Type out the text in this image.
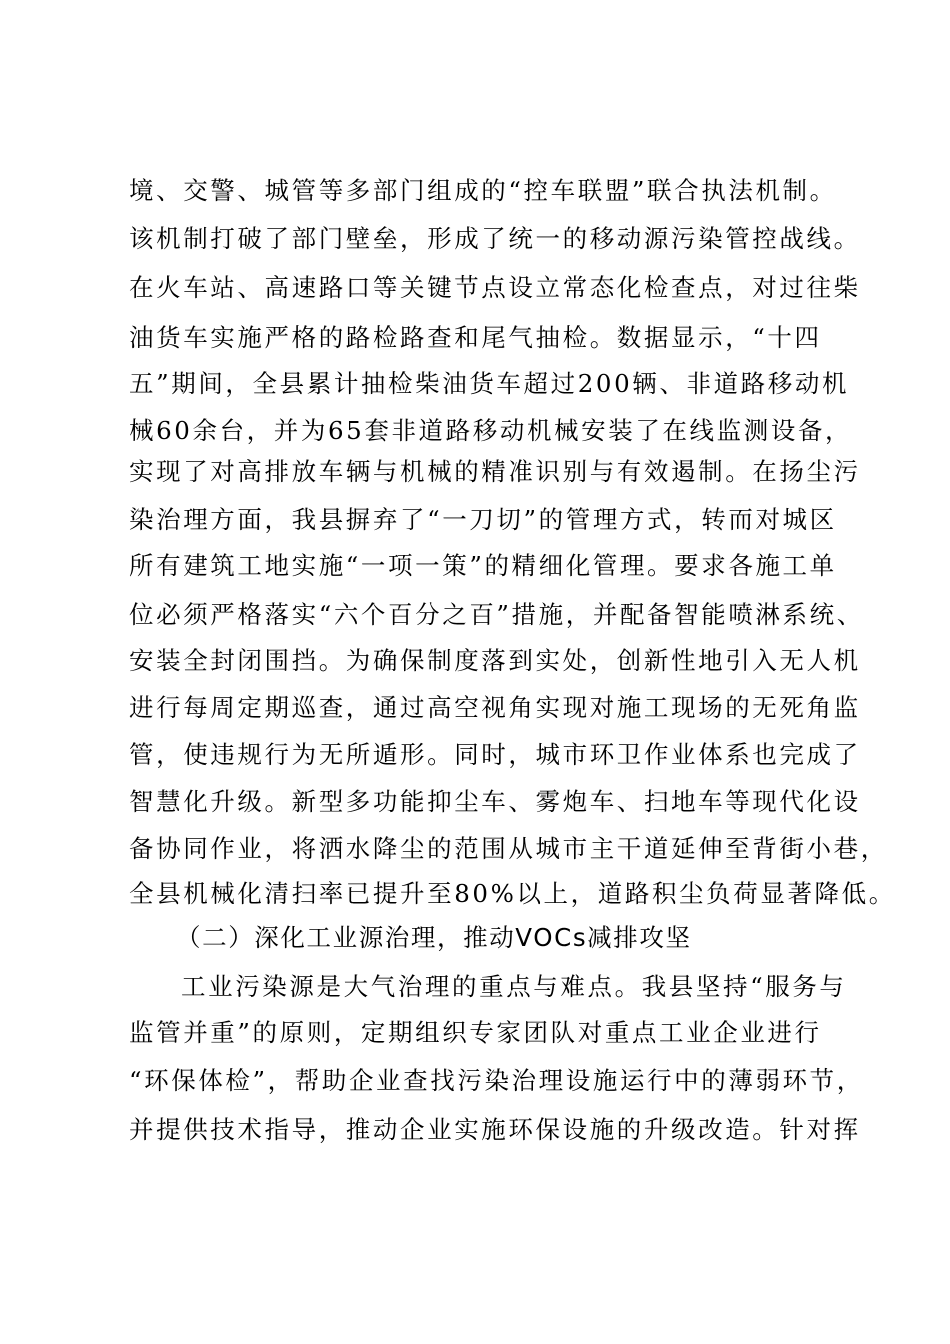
境、交警、城管等多部门组成的“控车联盟”联合执法机制。
该机制打破了部门壁垒，形成了统一的移动源污染管控战线。
在火车站、高速路口等关键节点设立常态化检查点，对过往柴
油货车实施严格的路检路查和尾气抽检。数据显示，“十四
五”期间，全县累计抽检柴油货车超过200辆、非道路移动机
械60余台，并为65套非道路移动机械安装了在线监测设备，
实现了对高排放车辆与机械的精准识别与有效遏制。在扬尘污
染治理方面，我县摒弃了“一刀切”的管理方式，转而对城区
所有建筑工地实施“一项一策”的精细化管理。要求各施工单
位必须严格落实“六个百分之百”措施，并配备智能喷淋系统、
安装全封闭围挡。为确保制度落到实处，创新性地引入无人机
进行每周定期巡查，通过高空视角实现对施工现场的无死角监
管，使违规行为无所遁形。同时，城市环卫作业体系也完成了
智慧化升级。新型多功能抑尘车、雾炮车、扫地车等现代化设
备协同作业，将洒水降尘的范围从城市主干道延伸至背街小巷，
全县机械化清扫率已提升至80%以上，道路积尘负荷显著降低。
（二）深化工业源治理，推动VOCs减排攻坚
工业污染源是大气治理的重点与难点。我县坚持“服务与
监管并重”的原则，定期组织专家团队对重点工业企业进行
“环保体检”，帮助企业查找污染治理设施运行中的薄弱环节，
并提供技术指导，推动企业实施环保设施的升级改造。针对挥
